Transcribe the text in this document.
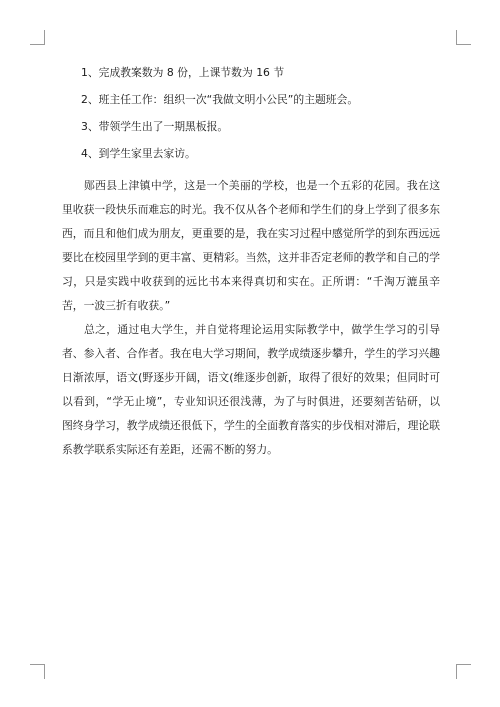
1、完成教案数为 8 份，上课节数为 16 节

2、班主任工作：组织一次“我做文明小公民”的主题班会。

3、带领学生出了一期黑板报。

4、到学生家里去家访。

郧西县上津镇中学，这是一个美丽的学校，也是一个五彩的花园。我在这里收获一段快乐而难忘的时光。我不仅从各个老师和学生们的身上学到了很多东西，而且和他们成为朋友，更重要的是，我在实习过程中感觉所学的到东西远远要比在校园里学到的更丰富、更精彩。当然，这并非否定老师的教学和自己的学习，只是实践中收获到的远比书本来得真切和实在。正所谓：“千淘万漉虽辛苦，一波三折有收获。”

总之，通过电大学生，并自觉将理论运用实际教学中，做学生学习的引导者、参入者、合作者。我在电大学习期间，教学成绩逐步攀升，学生的学习兴趣日渐浓厚，语文(野逐步开阔，语文(维逐步创新，取得了很好的效果；但同时可以看到，“学无止境”，专业知识还很浅薄，为了与时俱进，还要刻苦钻研，以图终身学习，教学成绩还很低下，学生的全面教育落实的步伐相对滞后，理论联系教学联系实际还有差距，还需不断的努力。
